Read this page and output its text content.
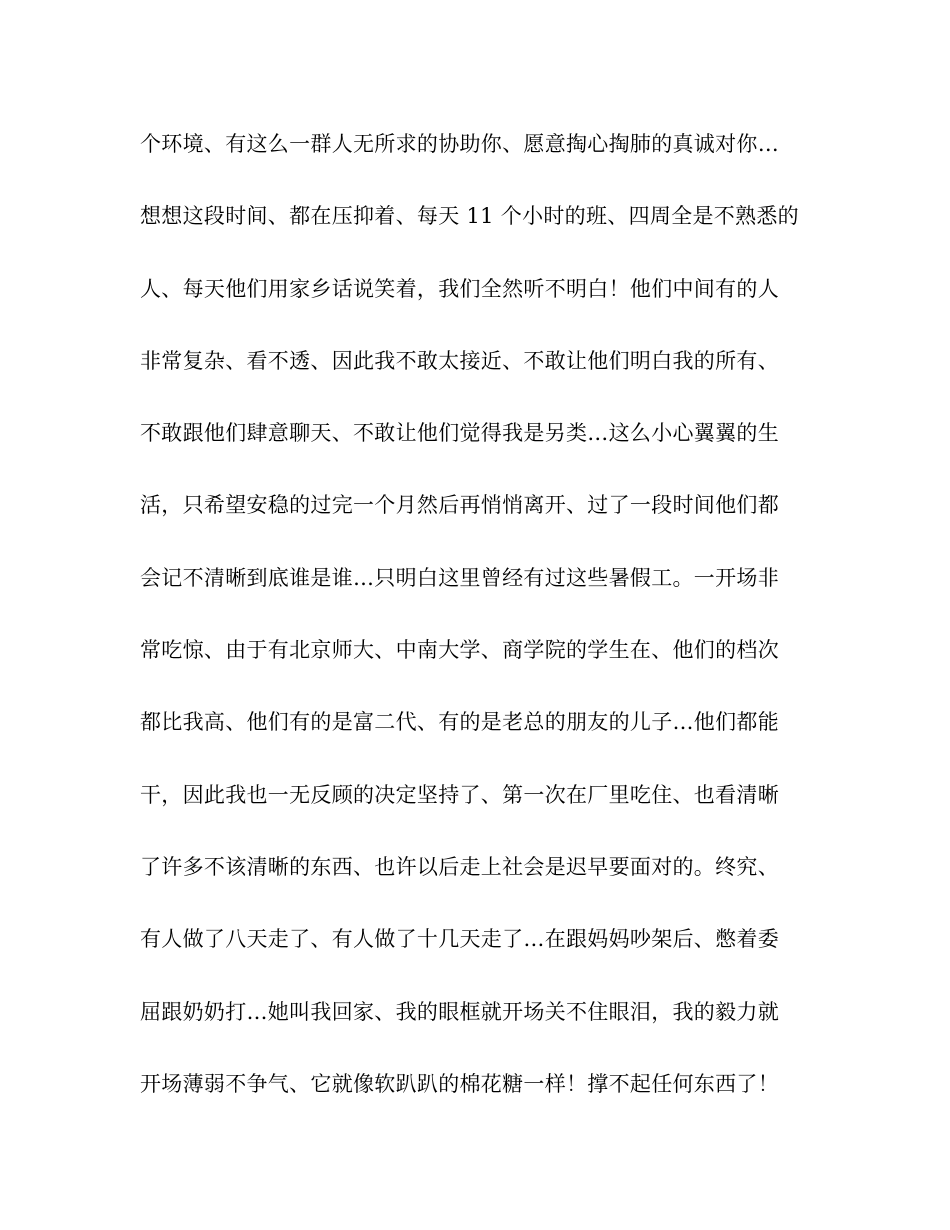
个环境、有这么一群人无所求的协助你、愿意掏心掏肺的真诚对你…
想想这段时间、都在压抑着、每天 11 个小时的班、四周全是不熟悉的
人、每天他们用家乡话说笑着，我们全然听不明白！他们中间有的人
非常复杂、看不透、因此我不敢太接近、不敢让他们明白我的所有、
不敢跟他们肆意聊天、不敢让他们觉得我是另类…这么小心翼翼的生
活，只希望安稳的过完一个月然后再悄悄离开、过了一段时间他们都
会记不清晰到底谁是谁…只明白这里曾经有过这些暑假工。一开场非
常吃惊、由于有北京师大、中南大学、商学院的学生在、他们的档次
都比我高、他们有的是富二代、有的是老总的朋友的儿子…他们都能
干，因此我也一无反顾的决定坚持了、第一次在厂里吃住、也看清晰
了许多不该清晰的东西、也许以后走上社会是迟早要面对的。终究、
有人做了八天走了、有人做了十几天走了…在跟妈妈吵架后、憋着委
屈跟奶奶打…她叫我回家、我的眼框就开场关不住眼泪，我的毅力就
开场薄弱不争气、它就像软趴趴的棉花糖一样！撑不起任何东西了！
